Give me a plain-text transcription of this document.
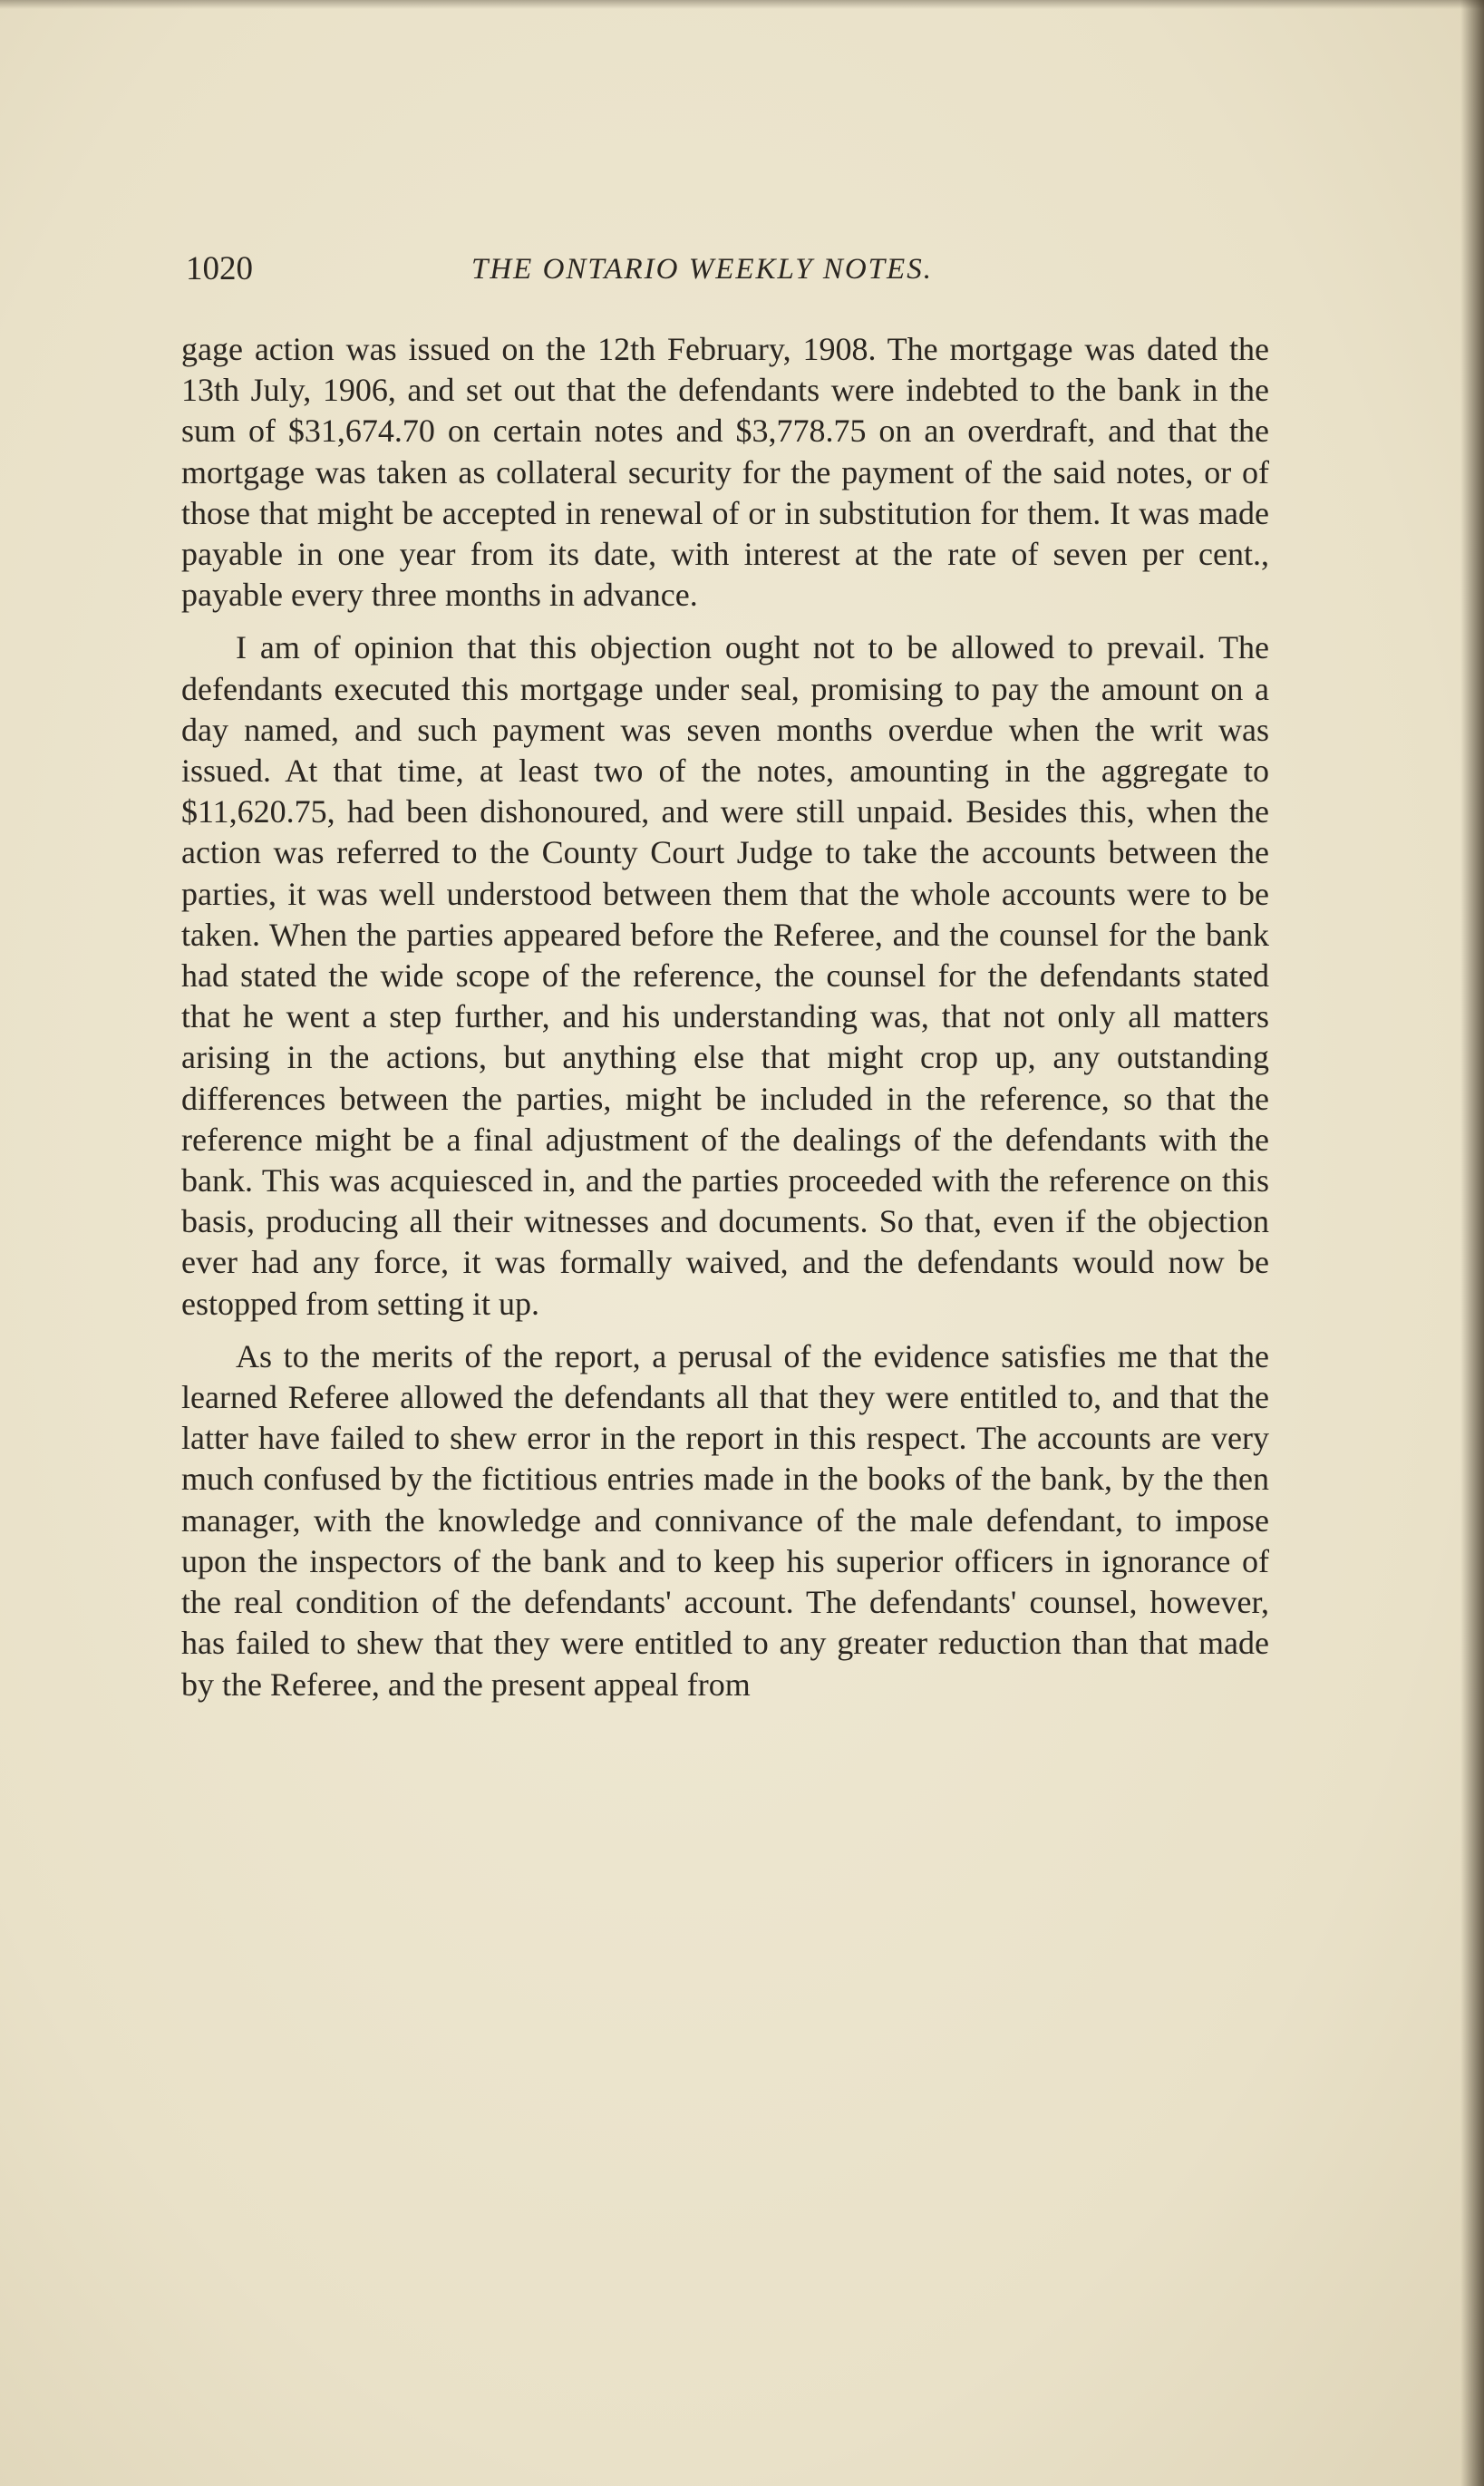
1020	THE ONTARIO WEEKLY NOTES.

gage action was issued on the 12th February, 1908. The mortgage was dated the 13th July, 1906, and set out that the defendants were indebted to the bank in the sum of $31,674.70 on certain notes and $3,778.75 on an overdraft, and that the mortgage was taken as collateral security for the payment of the said notes, or of those that might be accepted in renewal of or in substitution for them. It was made payable in one year from its date, with interest at the rate of seven per cent., payable every three months in advance.

I am of opinion that this objection ought not to be allowed to prevail. The defendants executed this mortgage under seal, promising to pay the amount on a day named, and such payment was seven months overdue when the writ was issued. At that time, at least two of the notes, amounting in the aggregate to $11,620.75, had been dishonoured, and were still unpaid. Besides this, when the action was referred to the County Court Judge to take the accounts between the parties, it was well understood between them that the whole accounts were to be taken. When the parties appeared before the Referee, and the counsel for the bank had stated the wide scope of the reference, the counsel for the defendants stated that he went a step further, and his understanding was, that not only all matters arising in the actions, but anything else that might crop up, any outstanding differences between the parties, might be included in the reference, so that the reference might be a final adjustment of the dealings of the defendants with the bank. This was acquiesced in, and the parties proceeded with the reference on this basis, producing all their witnesses and documents. So that, even if the objection ever had any force, it was formally waived, and the defendants would now be estopped from setting it up.

As to the merits of the report, a perusal of the evidence satisfies me that the learned Referee allowed the defendants all that they were entitled to, and that the latter have failed to shew error in the report in this respect. The accounts are very much confused by the fictitious entries made in the books of the bank, by the then manager, with the knowledge and connivance of the male defendant, to impose upon the inspectors of the bank and to keep his superior officers in ignorance of the real condition of the defendants' account. The defendants' counsel, however, has failed to shew that they were entitled to any greater reduction than that made by the Referee, and the present appeal from
